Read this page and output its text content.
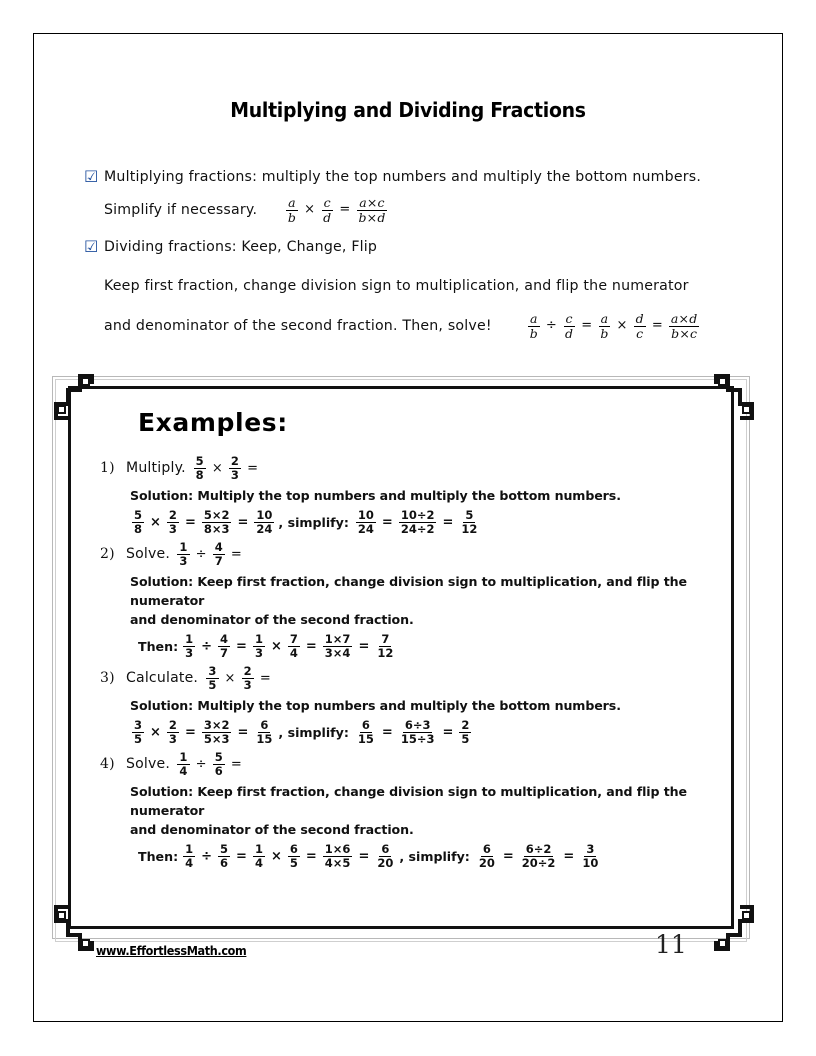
Multiplying and Dividing Fractions
☑ Multiplying fractions: multiply the top numbers and multiply the bottom numbers.
Simplify if necessary. $\frac{a}{b} \times \frac{c}{d} = \frac{a\times c}{b\times d}$
☑ Dividing fractions: Keep, Change, Flip
Keep first fraction, change division sign to multiplication, and flip the numerator
and denominator of the second fraction. Then, solve!	$\frac{a}{b} \div \frac{c}{d} = \frac{a}{b} \times \frac{d}{c} = \frac{a\times d}{b\times c}$
Examples:
1) Multiply. $\frac{5}{8} \times \frac{2}{3}$ =
Solution: Multiply the top numbers and multiply the bottom numbers.
$\frac{5}{8} \times \frac{2}{3} = \frac{5\times 2}{8\times 3} = \frac{10}{24}$ , simplify: $\frac{10}{24} = \frac{10\div 2}{24\div 2} = \frac{5}{12}$
2) Solve. $\frac{1}{3} \div \frac{4}{7}$ =
Solution: Keep first fraction, change division sign to multiplication, and flip the numerator
and denominator of the second fraction.
Then: $\frac{1}{3} \div \frac{4}{7} = \frac{1}{3} \times \frac{7}{4} = \frac{1\times 7}{3\times 4} = \frac{7}{12}$
3) Calculate. $\frac{3}{5} \times \frac{2}{3}$ =
Solution: Multiply the top numbers and multiply the bottom numbers.
$\frac{3}{5} \times \frac{2}{3} = \frac{3\times 2}{5\times 3} = \frac{6}{15}$ , simplify: $\frac{6}{15} = \frac{6\div 3}{15\div 3} = \frac{2}{5}$
4) Solve. $\frac{1}{4} \div \frac{5}{6}$ =
Solution: Keep first fraction, change division sign to multiplication, and flip the numerator
and denominator of the second fraction.
Then: $\frac{1}{4} \div \frac{5}{6} = \frac{1}{4} \times \frac{6}{5} = \frac{1\times 6}{4\times 5} = \frac{6}{20}$ , simplify: $\frac{6}{20} = \frac{6\div 2}{20\div 2} = \frac{3}{10}$
www.EffortlessMath.com	11
